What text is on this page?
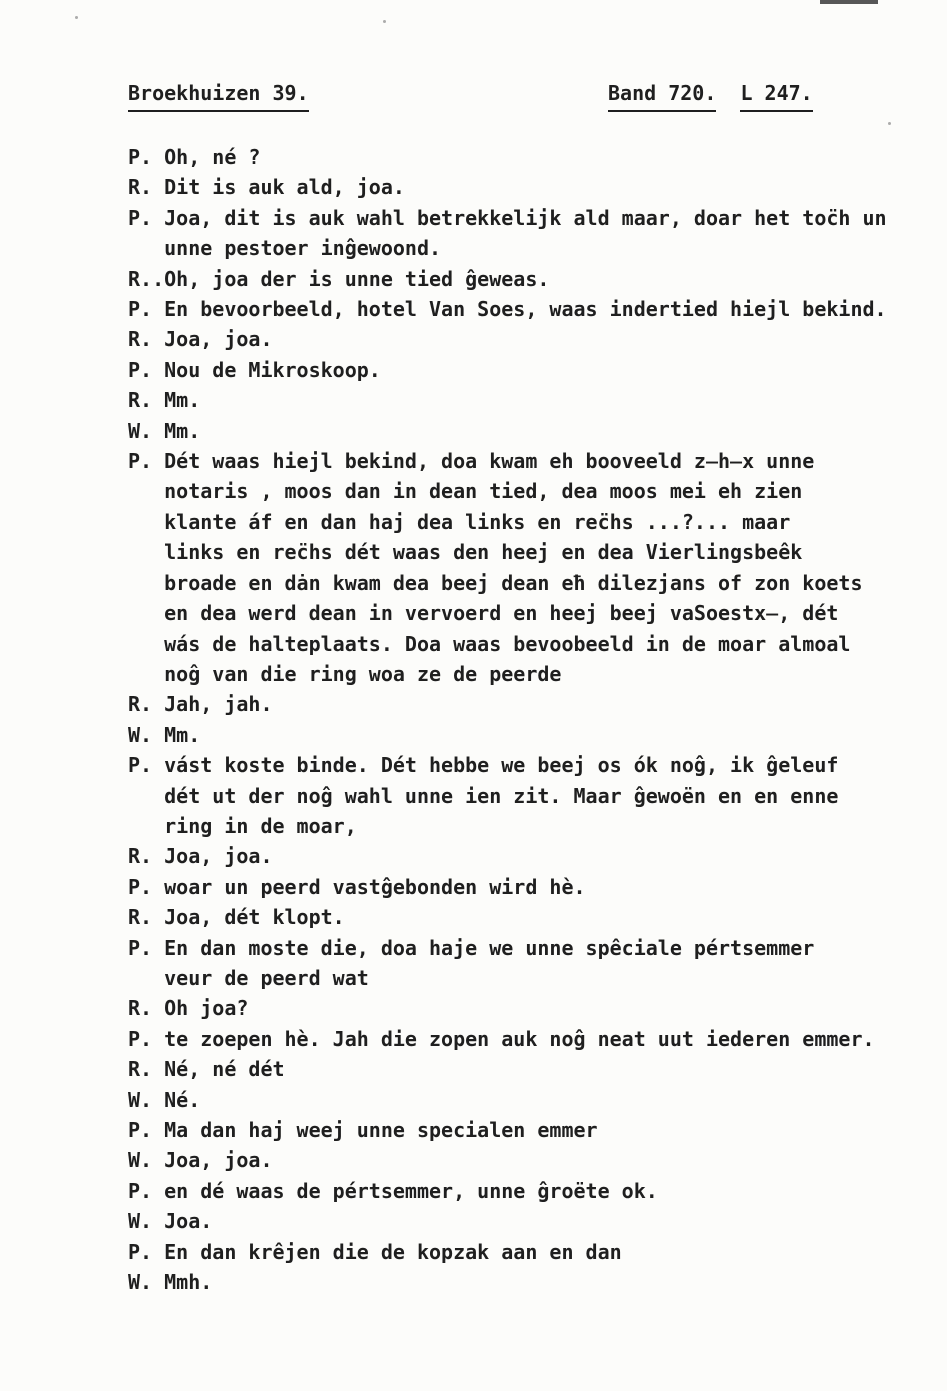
Broekhuizen 39.

	Band 720. L 247.

P. Oh, né ?
R. Dit is auk ald, joa.
P. Joa, dit is auk wahl betrekkelijk ald maar, doar het toc̈h un
unne pestoer inĝewoond.
R..Oh, joa der is unne tied ĝeweas.
P. En bevoorbeeld, hotel Van Soes, waas indertied hiejl bekind.
R. Joa, joa.
P. Nou de Mikroskoop.
R. Mm.
W. Mm.
P. Dét waas hiejl bekind, doa kwam eh booveeld z̶h̶x unne
notaris , moos dan in dean tied, dea moos mei eh zien
klante áf en dan haj dea links en rec̈hs ...?... maar
links en rec̈hs dét waas den heej en dea Vierlingsbeêk
broade en dȧn kwam dea beej dean eħ dilezjans of zon koets
en dea werd dean in vervoerd en heej beej vaSoestx̶, dét
wás de halteplaats. Doa waas bevoobeeld in de moar almoal
noĝ van die ring woa ze de peerde
R. Jah, jah.
W. Mm.
P. vást koste binde. Dét hebbe we beej os ók noĝ, ik ĝeleuf
dét ut der noĝ wahl unne ien zit. Maar ĝewoën en en enne
ring in de moar,
R. Joa, joa.
P. woar un peerd vastĝebonden wird hè.
R. Joa, dét klopt.
P. En dan moste die, doa haje we unne spêciale pértsemmer
veur de peerd wat
R. Oh joa?
P. te zoepen hè. Jah die zopen auk noĝ neat uut iederen emmer.
R. Né, né dét
W. Né.
P. Ma dan haj weej unne specialen emmer
W. Joa, joa.
P. en dé waas de pértsemmer, unne ĝroëte ok.
W. Joa.
P. En dan krêjen die de kopzak aan en dan
W. Mmh.
